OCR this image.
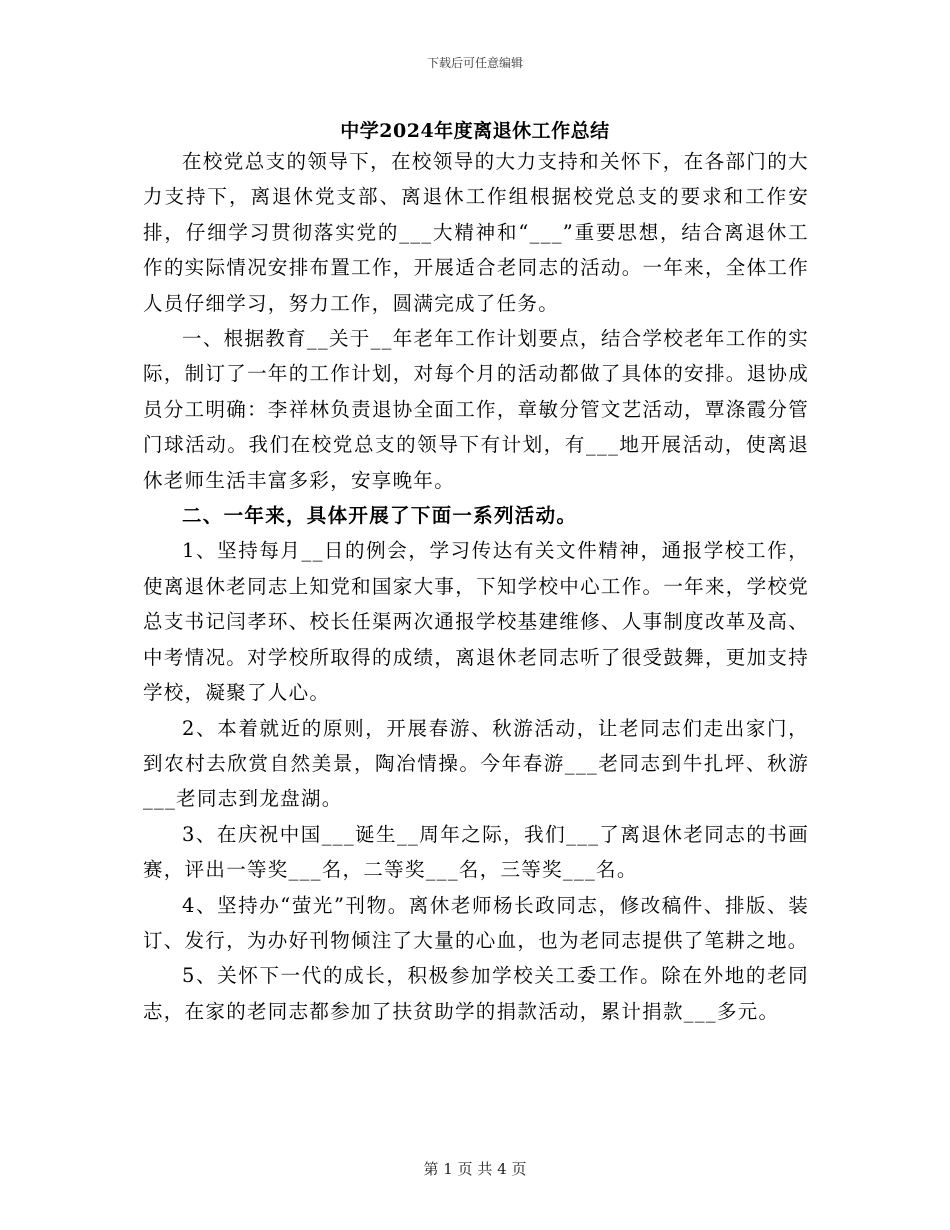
下载后可任意编辑
中学2024年度离退休工作总结

在校党总支的领导下，在校领导的大力支持和关怀下，在各部门的大力支持下，离退休党支部、离退休工作组根据校党总支的要求和工作安排，仔细学习贯彻落实党的___大精神和“___”重要思想，结合离退休工作的实际情况安排布置工作，开展适合老同志的活动。一年来，全体工作人员仔细学习，努力工作，圆满完成了任务。

一、根据教育__关于__年老年工作计划要点，结合学校老年工作的实际，制订了一年的工作计划，对每个月的活动都做了具体的安排。退协成员分工明确：李祥林负责退协全面工作，章敏分管文艺活动，覃涤霞分管门球活动。我们在校党总支的领导下有计划，有___地开展活动，使离退休老师生活丰富多彩，安享晚年。

二、一年来，具体开展了下面一系列活动。

1、坚持每月__日的例会，学习传达有关文件精神，通报学校工作，使离退休老同志上知党和国家大事，下知学校中心工作。一年来，学校党总支书记闫孝环、校长任渠两次通报学校基建维修、人事制度改革及高、中考情况。对学校所取得的成绩，离退休老同志听了很受鼓舞，更加支持学校，凝聚了人心。

2、本着就近的原则，开展春游、秋游活动，让老同志们走出家门，到农村去欣赏自然美景，陶冶情操。今年春游___老同志到牛扎坪、秋游___老同志到龙盘湖。

3、在庆祝中国___诞生__周年之际，我们___了离退休老同志的书画赛，评出一等奖___名，二等奖___名，三等奖___名。

4、坚持办“萤光”刊物。离休老师杨长政同志，修改稿件、排版、装订、发行，为办好刊物倾注了大量的心血，也为老同志提供了笔耕之地。

5、关怀下一代的成长，积极参加学校关工委工作。除在外地的老同志，在家的老同志都参加了扶贫助学的捐款活动，累计捐款___多元。

第 1 页 共 4 页
